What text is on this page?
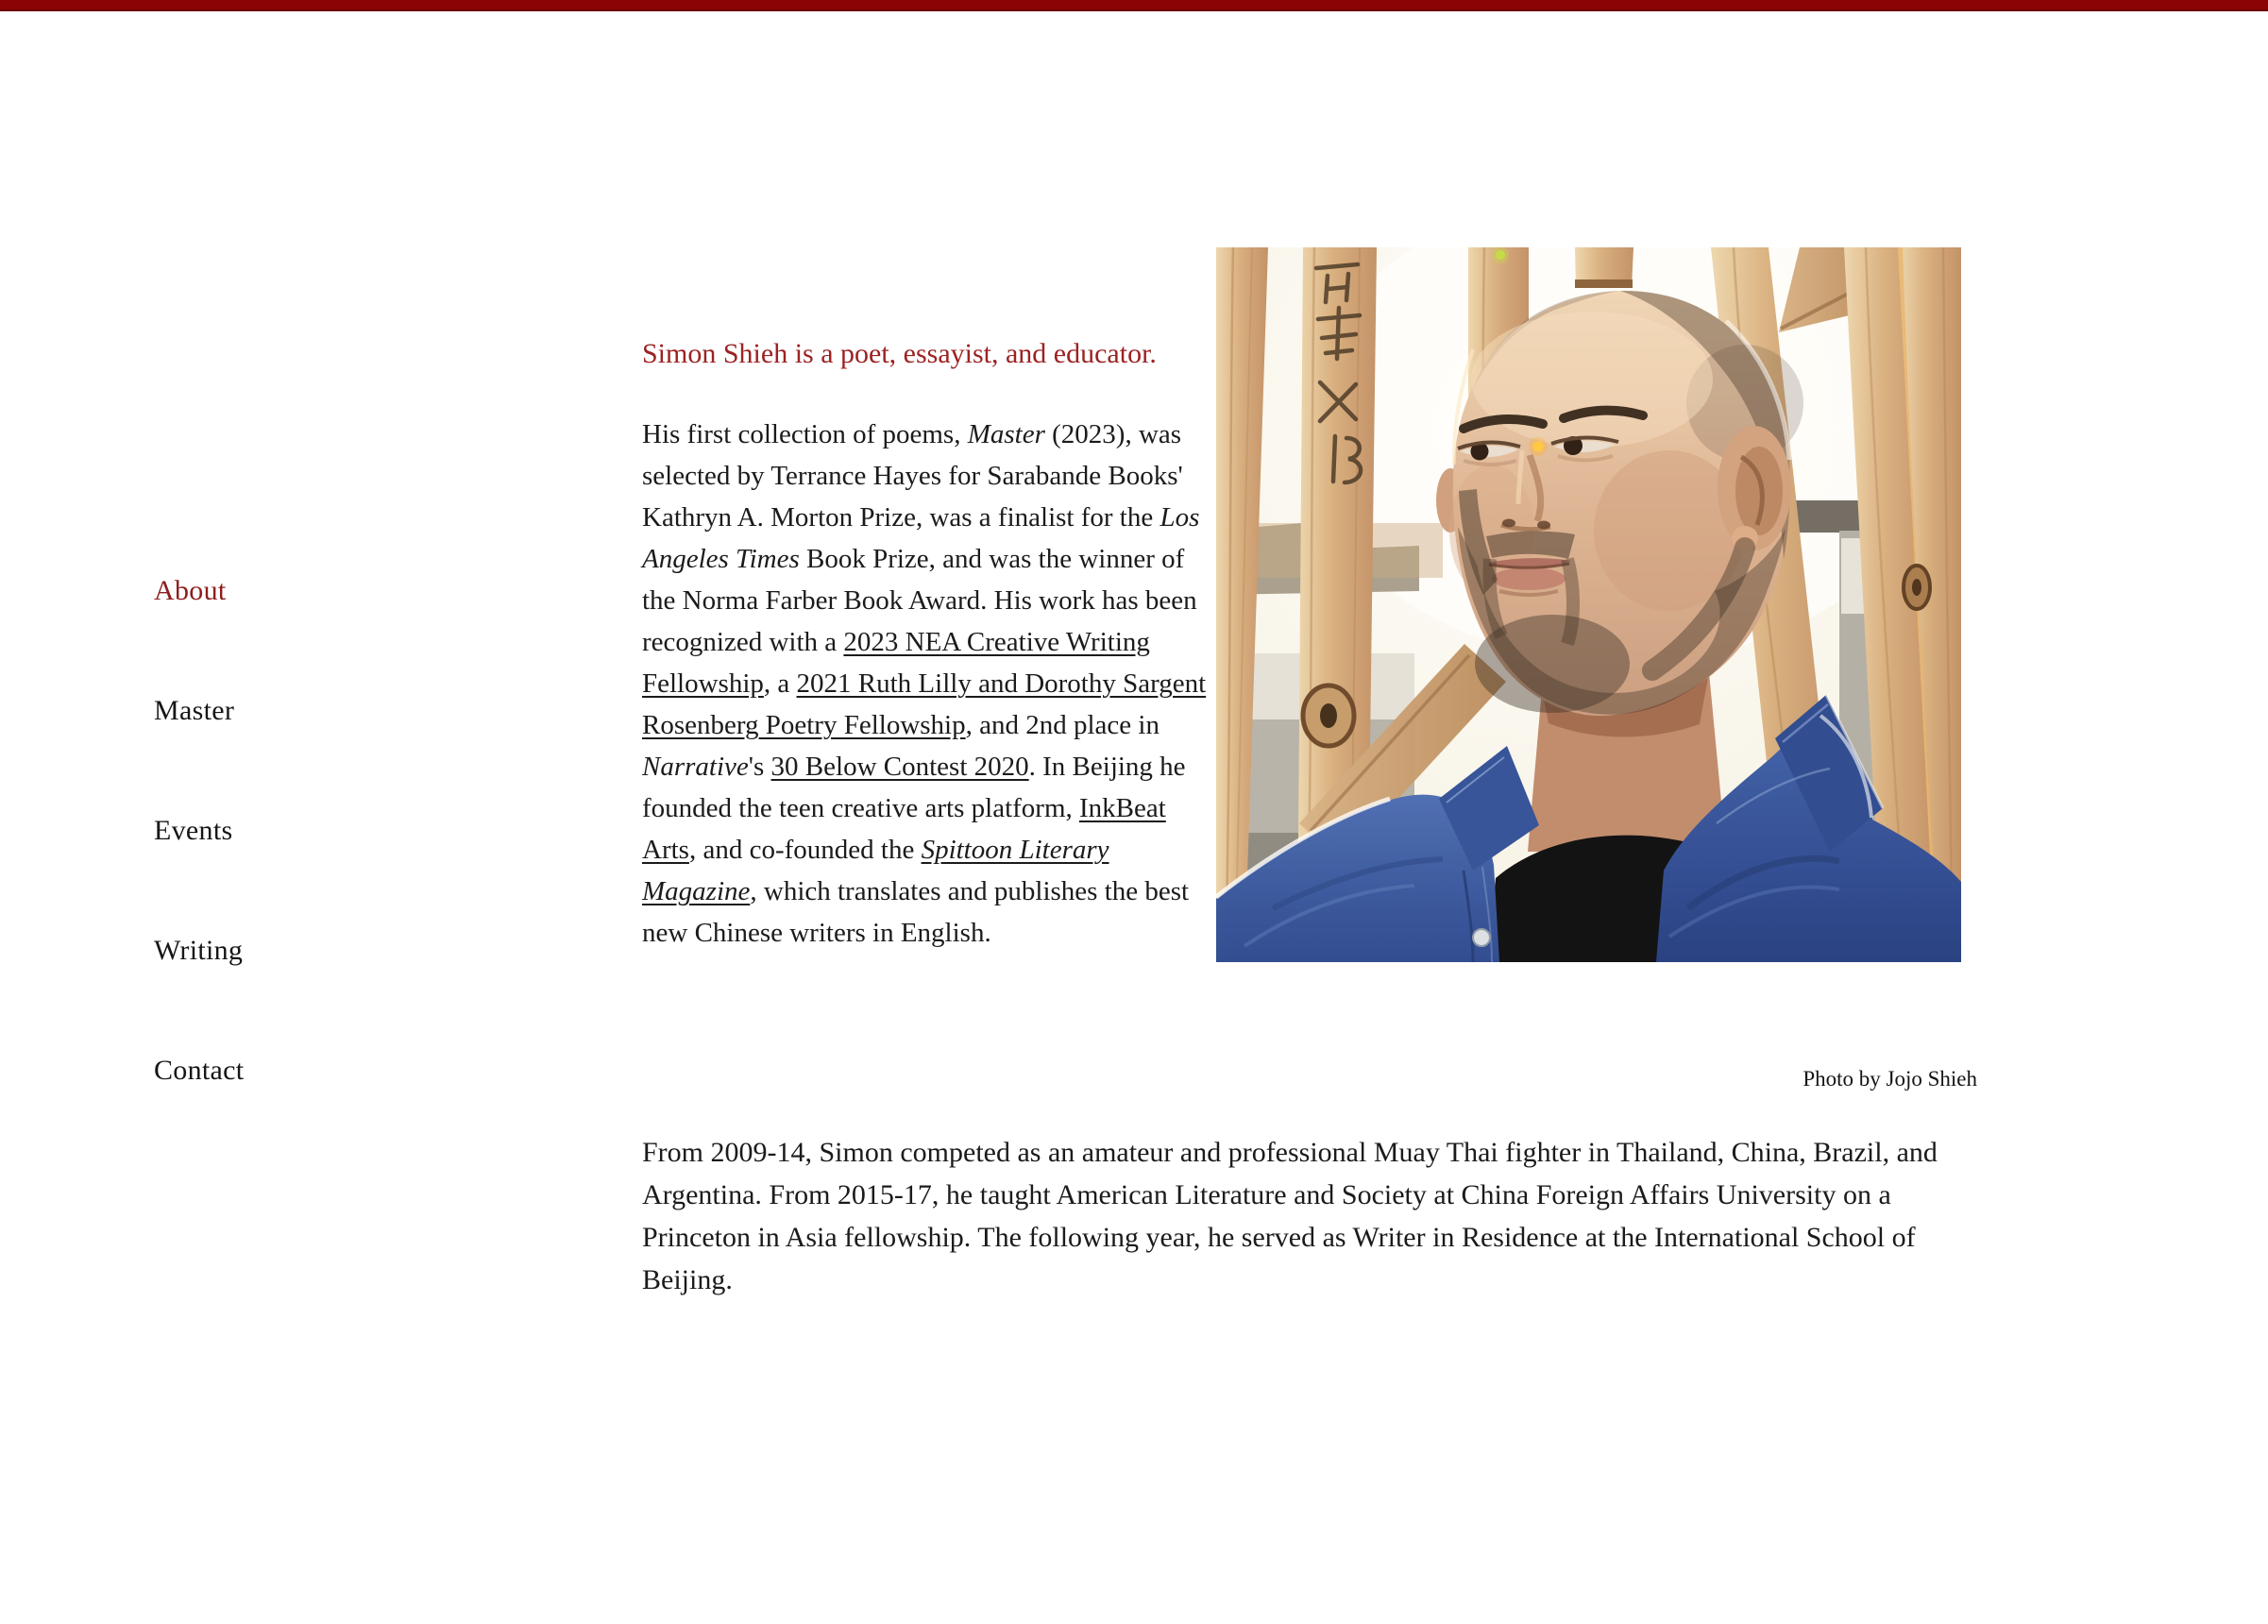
About
Master
Events
Writing
Contact
Simon Shieh is a poet, essayist, and educator.

His first collection of poems, Master (2023), was selected by Terrance Hayes for Sarabande Books' Kathryn A. Morton Prize, was a finalist for the Los Angeles Times Book Prize, and was the winner of the Norma Farber Book Award. His work has been recognized with a 2023 NEA Creative Writing Fellowship, a 2021 Ruth Lilly and Dorothy Sargent Rosenberg Poetry Fellowship, and 2nd place in Narrative's 30 Below Contest 2020. In Beijing he founded the teen creative arts platform, InkBeat Arts, and co-founded the Spittoon Literary Magazine, which translates and publishes the best new Chinese writers in English.

Photo by Jojo Shieh

From 2009-14, Simon competed as an amateur and professional Muay Thai fighter in Thailand, China, Brazil, and Argentina. From 2015-17, he taught American Literature and Society at China Foreign Affairs University on a Princeton in Asia fellowship. The following year, he served as Writer in Residence at the International School of Beijing.
